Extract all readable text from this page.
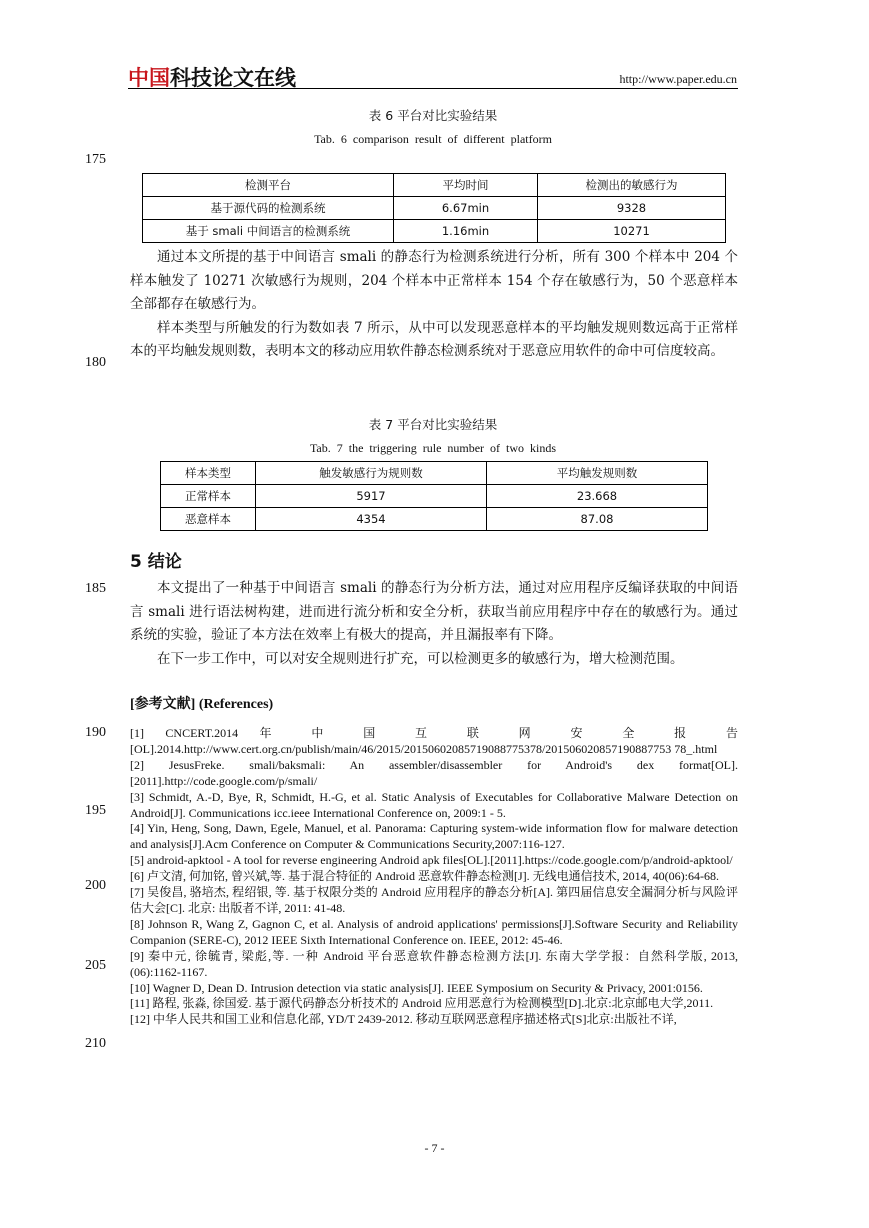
中国科技论文在线	http://www.paper.edu.cn
表 6 平台对比实验结果
Tab. 6 comparison result of different platform
175
检测平台	平均时间	检测出的敏感行为
基于源代码的检测系统	6.67min	9328
基于 smali 中间语言的检测系统	1.16min	10271

通过本文所提的基于中间语言 smali 的静态行为检测系统进行分析，所有 300 个样本中 204 个样本触发了 10271 次敏感行为规则，204 个样本中正常样本 154 个存在敏感行为，50 个恶意样本全部都存在敏感行为。

样本类型与所触发的行为数如表 7 所示，从中可以发现恶意样本的平均触发规则数远高于正常样本的平均触发规则数，表明本文的移动应用软件静态检测系统对于恶意应用软件的命中可信度较高。

180
表 7 平台对比实验结果
Tab. 7 the triggering rule number of two kinds
样本类型	触发敏感行为规则数	平均触发规则数
正常样本	5917	23.668
恶意样本	4354	87.08
5 结论
185	本文提出了一种基于中间语言 smali 的静态行为分析方法，通过对应用程序反编译获取的中间语言 smali 进行语法树构建，进而进行流分析和安全分析，获取当前应用程序中存在的敏感行为。通过系统的实验，验证了本方法在效率上有极大的提高，并且漏报率有下降。

在下一步工作中，可以对安全规则进行扩充，可以检测更多的敏感行为，增大检测范围。

[参考文献] (References)
190
195
200
205
210
[1] CNCERT.2014 年 中 国 互 联 网 安 全 报 告 [OL].2014.http://www.cert.org.cn/publish/main/46/2015/20150602085719088775378/201506020857190887753 78_.html
[2] JesusFreke. smali/baksmali: An assembler/disassembler for Android's dex format[OL].[2011].http://code.google.com/p/smali/
[3] Schmidt, A.-D, Bye, R, Schmidt, H.-G, et al. Static Analysis of Executables for Collaborative Malware Detection on Android[J]. Communications icc.ieee International Conference on, 2009:1 - 5.
[4] Yin, Heng, Song, Dawn, Egele, Manuel, et al. Panorama: Capturing system-wide information flow for malware detection and analysis[J].Acm Conference on Computer & Communications Security,2007:116-127.
[5] android-apktool - A tool for reverse engineering Android apk files[OL].[2011].https://code.google.com/p/android-apktool/
[6] 卢文清, 何加铭, 曾兴斌,等. 基于混合特征的 Android 恶意软件静态检测[J]. 无线电通信技术, 2014, 40(06):64-68.
[7] 吴俊昌, 骆培杰, 程绍银, 等. 基于权限分类的 Android 应用程序的静态分析[A]. 第四届信息安全漏洞分析与风险评估大会[C]. 北京: 出版者不详, 2011: 41-48.
[8] Johnson R, Wang Z, Gagnon C, et al. Analysis of android applications' permissions[J].Software Security and Reliability Companion (SERE-C), 2012 IEEE Sixth International Conference on. IEEE, 2012: 45-46.
[9] 秦中元, 徐毓青, 梁彪,等. 一种 Android 平台恶意软件静态检测方法[J]. 东南大学学报：自然科学版, 2013, (06):1162-1167.
[10] Wagner D, Dean D. Intrusion detection via static analysis[J]. IEEE Symposium on Security & Privacy, 2001:0156.
[11] 路程, 张淼, 徐国爱. 基于源代码静态分析技术的 Android 应用恶意行为检测模型[D].北京:北京邮电大学,2011.
[12] 中华人民共和国工业和信息化部, YD/T 2439-2012. 移动互联网恶意程序描述格式[S]北京:出版社不详,
- 7 -
